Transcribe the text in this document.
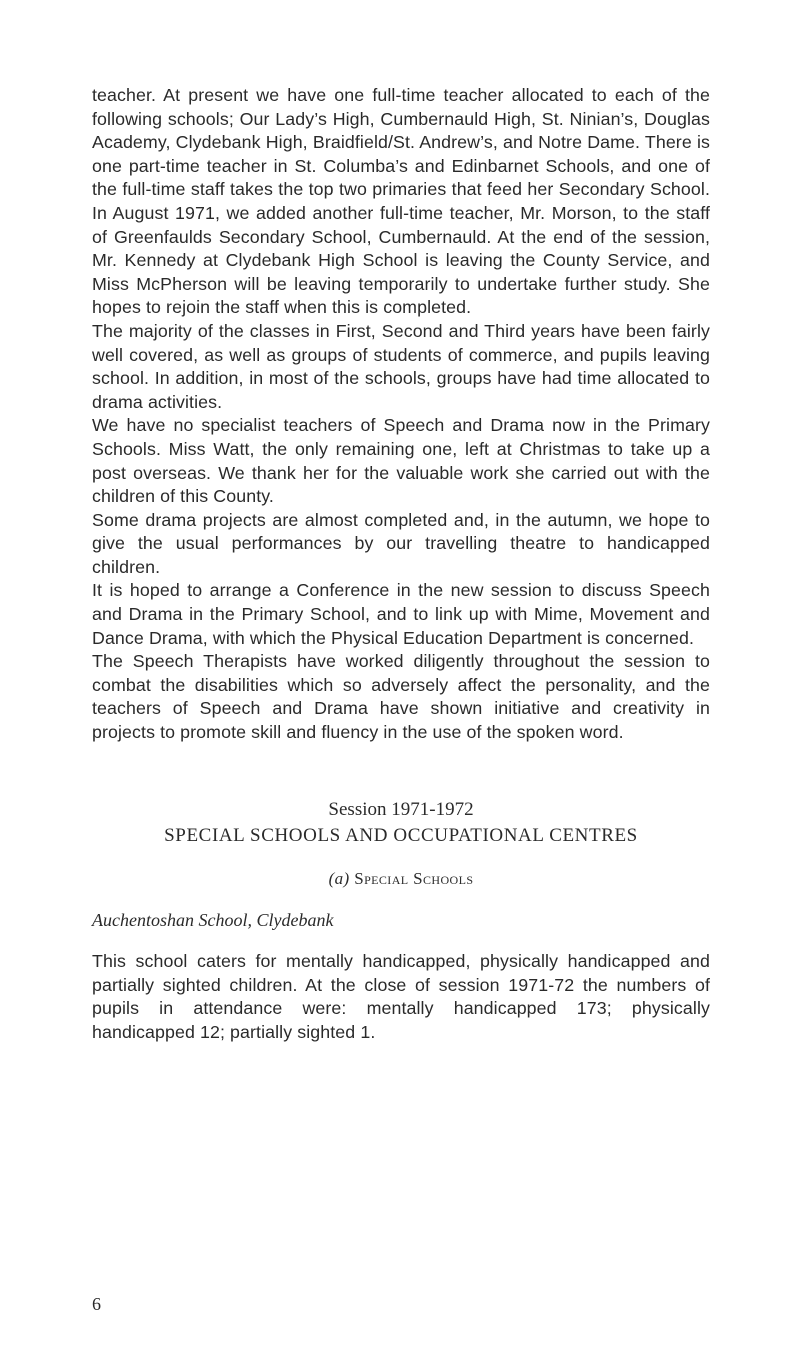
teacher. At present we have one full-time teacher allocated to each of the following schools; Our Lady’s High, Cumbernauld High, St. Ninian’s, Douglas Academy, Clydebank High, Braidfield/St. Andrew’s, and Notre Dame. There is one part-time teacher in St. Columba’s and Edinbarnet Schools, and one of the full-time staff takes the top two primaries that feed her Secondary School. In August 1971, we added another full-time teacher, Mr. Morson, to the staff of Greenfaulds Secondary School, Cumbernauld. At the end of the session, Mr. Kennedy at Clydebank High School is leaving the County Service, and Miss McPherson will be leaving temporarily to undertake further study. She hopes to rejoin the staff when this is completed.

The majority of the classes in First, Second and Third years have been fairly well covered, as well as groups of students of commerce, and pupils leaving school. In addition, in most of the schools, groups have had time allocated to drama activities.

We have no specialist teachers of Speech and Drama now in the Primary Schools. Miss Watt, the only remaining one, left at Christmas to take up a post overseas. We thank her for the valuable work she carried out with the children of this County.

Some drama projects are almost completed and, in the autumn, we hope to give the usual performances by our travelling theatre to handicapped children.

It is hoped to arrange a Conference in the new session to discuss Speech and Drama in the Primary School, and to link up with Mime, Movement and Dance Drama, with which the Physical Education Department is concerned.

The Speech Therapists have worked diligently throughout the session to combat the disabilities which so adversely affect the personality, and the teachers of Speech and Drama have shown initiative and creativity in projects to promote skill and fluency in the use of the spoken word.

Session 1971-1972

SPECIAL SCHOOLS AND OCCUPATIONAL CENTRES

(a) Special Schools

Auchentoshan School, Clydebank

This school caters for mentally handicapped, physically handicapped and partially sighted children. At the close of session 1971-72 the numbers of pupils in attendance were: mentally handicapped 173; physically handicapped 12; partially sighted 1.

6
